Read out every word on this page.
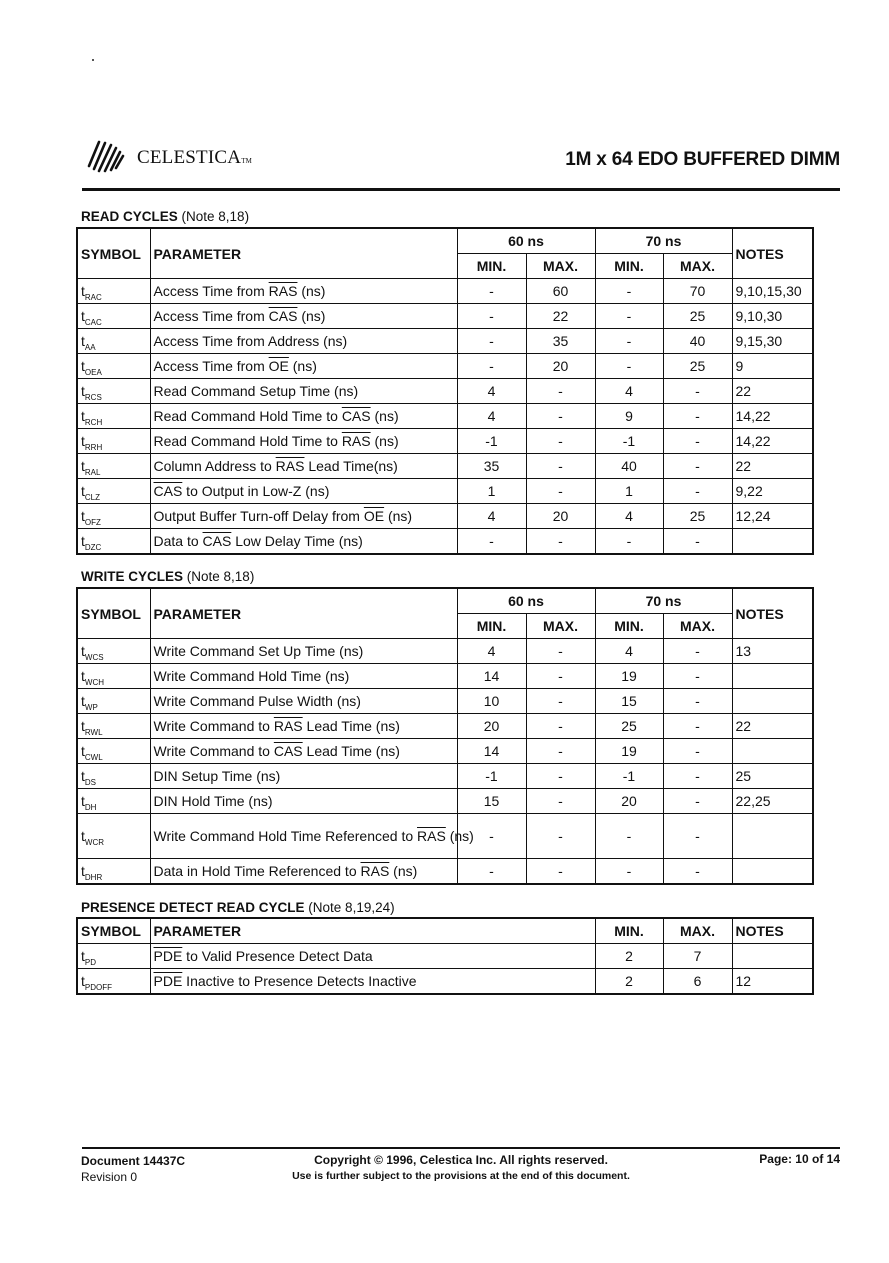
CELESTICATM	1M x 64 EDO BUFFERED DIMM
READ CYCLES (Note 8,18)
SYMBOL	PARAMETER	60 ns		70 ns		NOTES
		MIN.	MAX.	MIN.	MAX.	
$t_{RAC}$	Access Time from $\overline{RAS}$ (ns)	-	60	-	70	9,10,15,30
$t_{CAC}$	Access Time from $\overline{CAS}$ (ns)	-	22	-	25	9,10,30
$t_{AA}$	Access Time from Address (ns)	-	35	-	40	9,15,30
$t_{OEA}$	Access Time from $\overline{OE}$ (ns)	-	20	-	25	9
$t_{RCS}$	Read Command Setup Time (ns)	4	-	4	-	22
$t_{RCH}$	Read Command Hold Time to $\overline{CAS}$ (ns)	4	-	9	-	14,22
$t_{RRH}$	Read Command Hold Time to $\overline{RAS}$ (ns)	-1	-	-1	-	14,22
$t_{RAL}$	Column Address to $\overline{RAS}$ Lead Time(ns)	35	-	40	-	22
$t_{CLZ}$	$\overline{CAS}$ to Output in Low-Z (ns)	1	-	1	-	9,22
$t_{OFZ}$	Output Buffer Turn-off Delay from $\overline{OE}$ (ns)	4	20	4	25	12,24
$t_{DZC}$	Data to $\overline{CAS}$ Low Delay Time (ns)	-	-	-	-	
WRITE CYCLES (Note 8,18)
SYMBOL	PARAMETER	60 ns		70 ns		NOTES
		MIN.	MAX.	MIN.	MAX.	
$t_{WCS}$	Write Command Set Up Time (ns)	4	-	4	-	13
$t_{WCH}$	Write Command Hold Time (ns)	14	-	19	-	
$t_{WP}$	Write Command Pulse Width (ns)	10	-	15	-	
$t_{RWL}$	Write Command to $\overline{RAS}$ Lead Time (ns)	20	-	25	-	22
$t_{CWL}$	Write Command to $\overline{CAS}$ Lead Time (ns)	14	-	19	-	
$t_{DS}$	DIN Setup Time (ns)	-1	-	-1	-	25
$t_{DH}$	DIN Hold Time (ns)	15	-	20	-	22,25
$t_{WCR}$	Write Command Hold Time Referenced to $\overline{RAS}$ (ns)	-	-	-	-	
$t_{DHR}$	Data in Hold Time Referenced to $\overline{RAS}$ (ns)	-	-	-	-	
PRESENCE DETECT READ CYCLE (Note 8,19,24)
SYMBOL	PARAMETER	MIN.	MAX.	NOTES
$t_{PD}$	$\overline{PDE}$ to Valid Presence Detect Data	2	7	
$t_{PDOFF}$	$\overline{PDE}$ Inactive to Presence Detects Inactive	2	6	12
Document 14437C
Revision 0
Copyright © 1996, Celestica Inc. All rights reserved.
Use is further subject to the provisions at the end of this document.
Page: 10 of 14
